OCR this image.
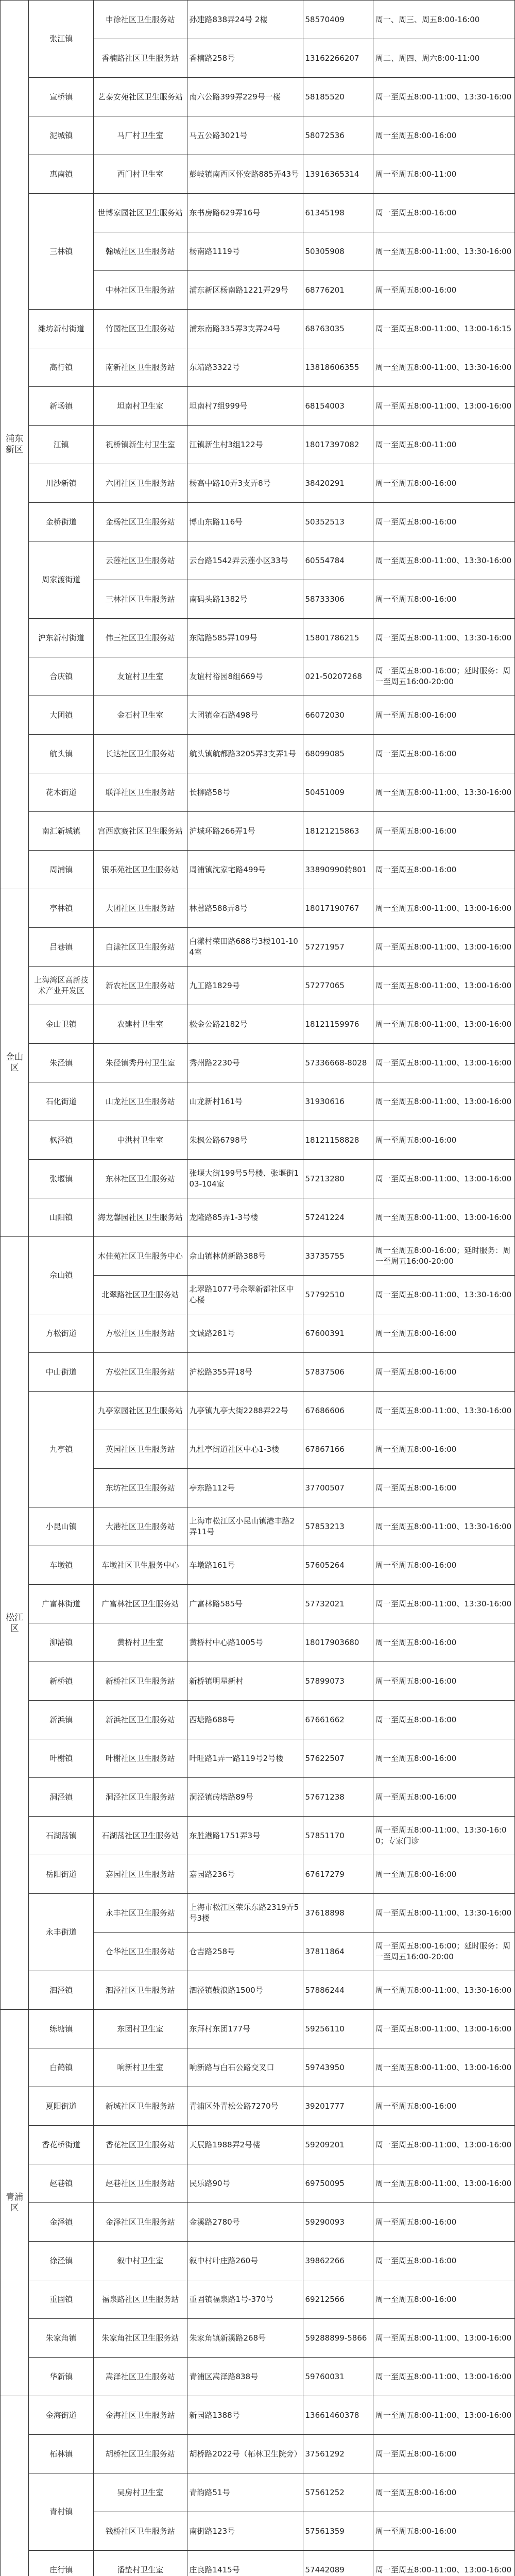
浦东新区	张江镇	申徐社区卫生服务站	孙建路838弄24号 2楼	58570409	周一、周三、周五8:00-16:00
		香楠路社区卫生服务站	香楠路258号	13162266207	周二、周四、周六8:00-11:00
	宣桥镇	艺泰安苑社区卫生服务站	南六公路399弄229号一楼	58185520	周一至周五8:00-11:00、13:30-16:00
	泥城镇	马厂村卫生室	马五公路3021号	58072536	周一至周五8:00-16:00
	惠南镇	西门村卫生室	彭岐镇南西区怀安路885弄43号	13916365314	周一至周五8:00-11:00
	三林镇	世博家园社区卫生服务站	东书房路629弄16号	61345198	周一至周五8:00-16:00
		翰城社区卫生服务站	杨南路1119号	50305908	周一至周五8:00-11:00、13:30-16:00
		中林社区卫生服务站	浦东新区杨南路1221弄29号	68776201	周一至周五8:00-16:00
	潍坊新村街道	竹园社区卫生服务站	浦东南路335弄3支弄24号	68763035	周一至周五8:00-11:00、13:00-16:15
	高行镇	南新社区卫生服务站	东靖路3322号	13818606355	周一至周五8:00-11:00、13:30-16:00
	新场镇	坦南村卫生室	坦南村7组999号	68154003	周一至周五8:00-11:00、13:00-16:00
	江镇	祝桥镇新生村卫生室	江镇新生村3组122号	18017397082	周一至周五8:00-11:00
	川沙新镇	六团社区卫生服务站	杨高中路10弄3支弄8号	38420291	周一至周五8:00-16:00
	金桥街道	金杨社区卫生服务站	博山东路116号	50352513	周一至周五8:00-16:00
	周家渡街道	云莲社区卫生服务站	云台路1542弄云莲小区33号	60554784	周一至周五8:00-11:00、13:30-16:00
		三林社区卫生服务站	南码头路1382号	58733306	周一至周五8:00-16:00
	沪东新村街道	伟三社区卫生服务站	东陆路585弄109号	15801786215	周一至周五8:00-11:00、13:30-16:00
	合庆镇	友谊村卫生室	友谊村裕园8组669号	021-50207268	周一至周五8:00-16:00；延时服务：周一至周五16:00-20:00
	大团镇	金石村卫生室	大团镇金石路498号	66072030	周一至周五8:00-16:00
	航头镇	长达社区卫生服务站	航头镇航都路3205弄3支弄1号	68099085	周一至周五8:00-16:00
	花木街道	联洋社区卫生服务站	长柳路58号	50451009	周一至周五8:00-11:00、13:30-16:00
	南汇新城镇	宫西欧赛社区卫生服务站	沪城环路266弄1号	18121215863	周一至周五8:00-16:00
	周浦镇	银乐苑社区卫生服务站	周浦镇沈家宅路499号	33890990转801	周一至周五8:00-16:00
金山区	亭林镇	大团社区卫生服务站	林慧路588弄8号	18017190767	周一至周五8:00-11:00、13:00-16:00
	吕巷镇	白漾社区卫生服务站	白漾村荣田路688号3楼101-104室	57271957	周一至周五8:00-11:00、13:00-16:00
	上海湾区高新技术产业开发区	新农社区卫生服务站	九工路1829号	57277065	周一至周五8:00-11:00、13:00-16:00
	金山卫镇	农建村卫生室	松金公路2182号	18121159976	周一至周五8:00-11:00、13:00-16:00
	朱泾镇	朱径镇秀丹村卫生室	秀州路2230号	57336668-8028	周一至周五8:00-11:00、13:00-16:00
	石化街道	山龙社区卫生服务站	山龙新村161号	31930616	周一至周五8:00-11:00、13:00-16:00
	枫泾镇	中洪村卫生室	朱枫公路6798号	18121158828	周一至周五8:00-16:00
	张堰镇	东林社区卫生服务站	张堰大街199号5号楼、张堰街103-104室	57213280	周一至周五8:00-11:00、13:00-16:00
	山阳镇	海龙馨园社区卫生服务站	龙隆路85弄1-3号楼	57241224	周一至周五8:00-11:00、13:00-16:00
松江区	佘山镇	木佳苑社区卫生服务中心	佘山镇林荫新路388号	33735755	周一至周五8:00-16:00；延时服务：周一至周五16:00-20:00
		北翠路社区卫生服务站	北翠路1077号佘翠新都社区中心楼	57792510	周一至周五8:00-11:00、13:30-16:00
	方松街道	方松社区卫生服务站	文诚路281号	67600391	周一至周五8:00-16:00
	中山街道	方松社区卫生服务站	沪松路355弄18号	57837506	周一至周五8:00-16:00
	九亭镇	九亭家园社区卫生服务站	九亭镇九亭大街2288弄22号	67686606	周一至周五8:00-11:00、13:30-16:00
		英园社区卫生服务站	九杜亭街道社区中心1-3楼	67867166	周一至周五8:00-16:00
		东坊社区卫生服务站	亭东路112号	37700507	周一至周五8:00-16:00
	小昆山镇	大港社区卫生服务站	上海市松江区小昆山镇港丰路2弄11号	57853213	周一至周五8:00-11:00、13:30-16:00
	车墩镇	车墩社区卫生服务中心	车墩路161号	57605264	周一至周五8:00-16:00
	广富林街道	广富林社区卫生服务站	广富林路585号	57732021	周一至周五8:00-11:00、13:30-16:00
	泖港镇	黄桥村卫生室	黄桥村中心路1005号	18017903680	周一至周五8:00-16:00
	新桥镇	新桥社区卫生服务站	新桥镇明星新村	57899073	周一至周五8:00-16:00
	新浜镇	新浜社区卫生服务站	西塘路688号	67661662	周一至周五8:00-16:00
	叶榭镇	叶榭社区卫生服务站	叶旺路1弄一路119号2号楼	57622507	周一至周五8:00-16:00
	洞泾镇	洞泾社区卫生服务站	洞泾镇砖塔路89号	57671238	周一至周五8:00-16:00
	石湖荡镇	石湖荡社区卫生服务站	东胜港路1751弄3号	57851170	周一至周五8:00-11:00、13:30-16:00；专家门诊
	岳阳街道	嘉园社区卫生服务站	嘉园路236号	67617279	周一至周五8:00-16:00
	永丰街道	永丰社区卫生服务站	上海市松江区荣乐东路2319弄5号3楼	37618898	周一至周五8:00-11:00、13:30-16:00
		仓华社区卫生服务站	仓吉路258号	37811864	周一至周五8:00-16:00；延时服务：周一至周五16:00-20:00
	泗泾镇	泗泾社区卫生服务站	泗泾镇鼓浪路1500号	57886244	周一至周五8:00-11:00、13:30-16:00
青浦区	练塘镇	东团村卫生室	东拜村东团177号	59256110	周一至周五8:00-11:00、13:00-16:00
	白鹤镇	响新村卫生室	响新路与白石公路交叉口	59743950	周一至周五8:00-11:00、13:00-16:00
	夏阳街道	新城社区卫生服务站	青浦区外青松公路7270号	39201777	周一至周五8:00-16:00
	香花桥街道	香花社区卫生服务站	天辰路1988弄2号楼	59209201	周一至周五8:00-11:00、13:00-16:00
	赵巷镇	赵巷社区卫生服务站	民乐路90号	69750095	周一至周五8:00-11:00、13:00-16:00
	金泽镇	金泽社区卫生服务站	金溪路2780号	59290093	周一至周五8:00-16:00
	徐泾镇	叙中村卫生室	叙中村叶庄路260号	39862266	周一至周五8:00-16:00
	重固镇	福泉路社区卫生服务站	重固镇福泉路1号-370号	69212566	周一至周五8:00-16:00
	朱家角镇	朱家角社区卫生服务站	朱家角镇新溪路268号	59288899-5866	周一至周五8:00-11:00、13:00-16:00
	华新镇	嵩泽社区卫生服务站	青浦区嵩泽路838号	59760031	周一至周五8:00-11:00、13:00-16:00
	金海街道	金海社区卫生服务站	新园路1388号	13661460378	周一至周五8:00-11:00、13:00-16:00
	柘林镇	胡桥社区卫生服务站	胡桥路2022号（柘林卫生院旁）	37561292	周一至周五8:00-16:00
	青村镇	吴房村卫生室	青韵路51号	57561252	周一至周五8:00-16:00
		钱桥社区卫生服务站	南街路123号	57561359	周一至周五8:00-16:00
	庄行镇	潘垫村卫生室	庄良路1415号	57442089	周一至周五8:00-11:00、13:00-16:00
